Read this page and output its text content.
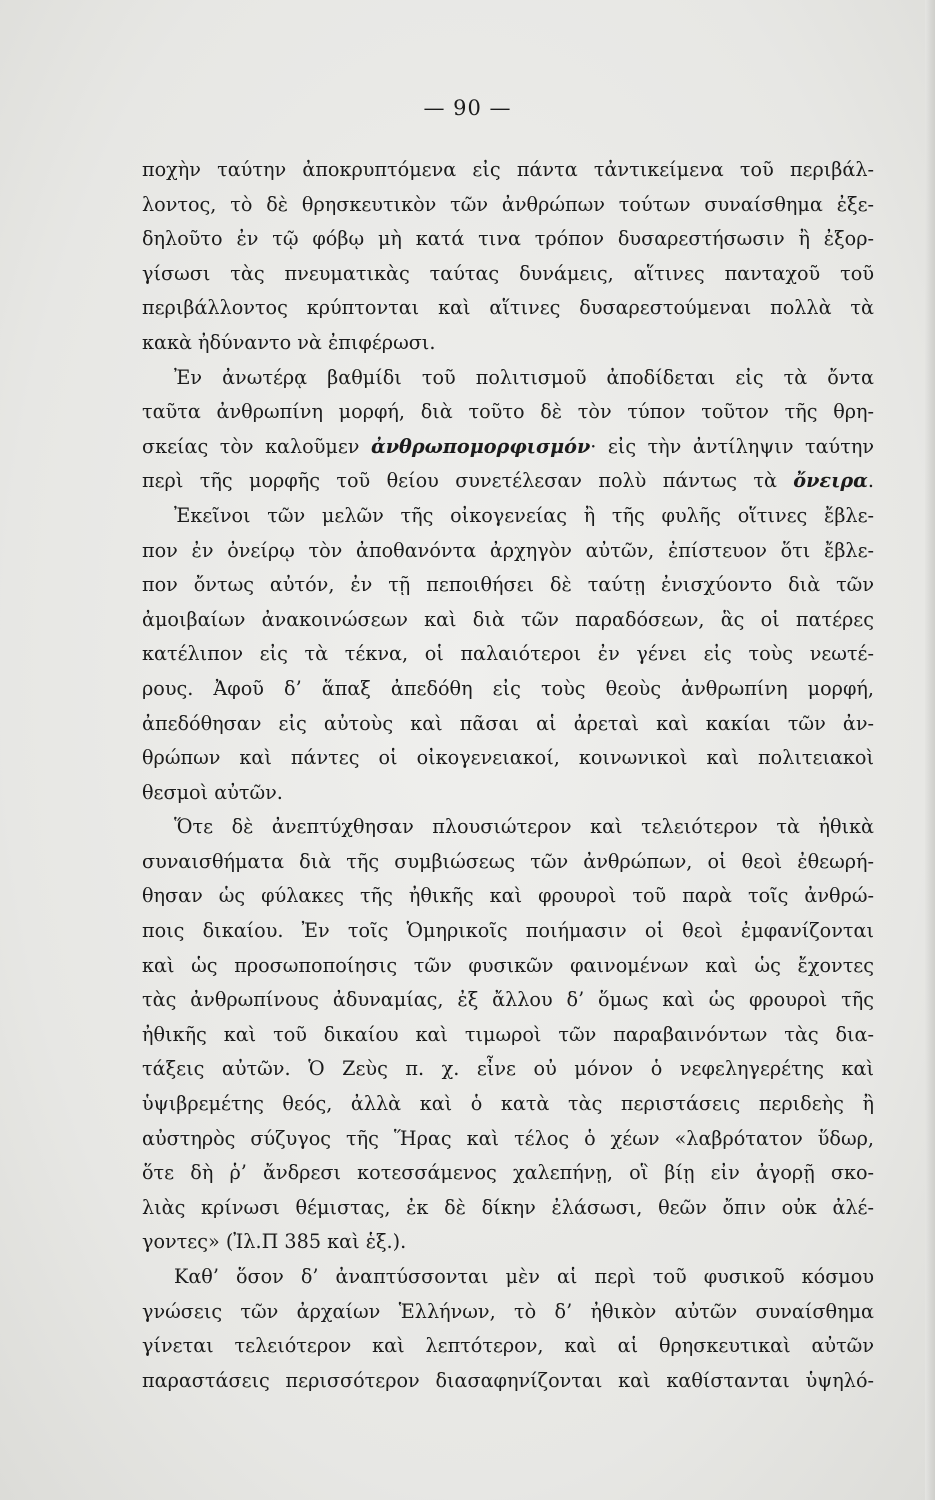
— 90 —
ποχὴν ταύτην ἀποκρυπτόμενα εἰς πάντα τἀντικείμενα τοῦ περιβάλ-
λοντος, τὸ δὲ θρησκευτικὸν τῶν ἀνθρώπων τούτων συναίσθημα ἐξε-
δηλοῦτο ἐν τῷ φόβῳ μὴ κατά τινα τρόπον δυσαρεστήσωσιν ἢ ἐξορ-
γίσωσι τὰς πνευματικὰς ταύτας δυνάμεις, αἵτινες πανταχοῦ τοῦ
περιβάλλοντος κρύπτονται καὶ αἵτινες δυσαρεστούμεναι πολλὰ τὰ
κακὰ ἠδύναντο νὰ ἐπιφέρωσι.
Ἐν ἀνωτέρᾳ βαθμίδι τοῦ πολιτισμοῦ ἀποδίδεται εἰς τὰ ὄντα
ταῦτα ἀνθρωπίνη μορφή, διὰ τοῦτο δὲ τὸν τύπον τοῦτον τῆς θρη-
σκείας τὸν καλοῦμεν ἀνθρωπομορφισμόν· εἰς τὴν ἀντίληψιν ταύτην
περὶ τῆς μορφῆς τοῦ θείου συνετέλεσαν πολὺ πάντως τὰ ὄνειρα.
Ἐκεῖνοι τῶν μελῶν τῆς οἰκογενείας ἢ τῆς φυλῆς οἵτινες ἔβλε-
πον ἐν ὀνείρῳ τὸν ἀποθανόντα ἀρχηγὸν αὐτῶν, ἐπίστευον ὅτι ἔβλε-
πον ὄντως αὐτόν, ἐν τῇ πεποιθήσει δὲ ταύτῃ ἐνισχύοντο διὰ τῶν
ἀμοιβαίων ἀνακοινώσεων καὶ διὰ τῶν παραδόσεων, ἃς οἱ πατέρες
κατέλιπον εἰς τὰ τέκνα, οἱ παλαιότεροι ἐν γένει εἰς τοὺς νεωτέ-
ρους. Ἀφοῦ δ’ ἅπαξ ἀπεδόθη εἰς τοὺς θεοὺς ἀνθρωπίνη μορφή,
ἀπεδόθησαν εἰς αὐτοὺς καὶ πᾶσαι αἱ ἀρεταὶ καὶ κακίαι τῶν ἀν-
θρώπων καὶ πάντες οἱ οἰκογενειακοί, κοινωνικοὶ καὶ πολιτειακοὶ
θεσμοὶ αὐτῶν.
Ὅτε δὲ ἀνεπτύχθησαν πλουσιώτερον καὶ τελειότερον τὰ ἠθικὰ
συναισθήματα διὰ τῆς συμβιώσεως τῶν ἀνθρώπων, οἱ θεοὶ ἐθεωρή-
θησαν ὡς φύλακες τῆς ἠθικῆς καὶ φρουροὶ τοῦ παρὰ τοῖς ἀνθρώ-
ποις δικαίου. Ἐν τοῖς Ὁμηρικοῖς ποιήμασιν οἱ θεοὶ ἐμφανίζονται
καὶ ὡς προσωποποίησις τῶν φυσικῶν φαινομένων καὶ ὡς ἔχοντες
τὰς ἀνθρωπίνους ἀδυναμίας, ἐξ ἄλλου δ’ ὅμως καὶ ὡς φρουροὶ τῆς
ἠθικῆς καὶ τοῦ δικαίου καὶ τιμωροὶ τῶν παραβαινόντων τὰς δια-
τάξεις αὐτῶν. Ὁ Ζεὺς π. χ. εἶνε οὐ μόνον ὁ νεφεληγερέτης καὶ
ὑψιβρεμέτης θεός, ἀλλὰ καὶ ὁ κατὰ τὰς περιστάσεις περιδεὴς ἢ
αὐστηρὸς σύζυγος τῆς Ἥρας καὶ τέλος ὁ χέων «λαβρότατον ὕδωρ,
ὅτε δὴ ῥ’ ἄνδρεσι κοτεσσάμενος χαλεπήνῃ, οἳ βίῃ εἰν ἀγορῇ σκο-
λιὰς κρίνωσι θέμιστας, ἐκ δὲ δίκην ἐλάσωσι, θεῶν ὄπιν οὐκ ἀλέ-
γοντες» (Ἰλ.Π 385 καὶ ἑξ.).
Καθ’ ὅσον δ’ ἀναπτύσσονται μὲν αἱ περὶ τοῦ φυσικοῦ κόσμου
γνώσεις τῶν ἀρχαίων Ἑλλήνων, τὸ δ’ ἠθικὸν αὐτῶν συναίσθημα
γίνεται τελειότερον καὶ λεπτότερον, καὶ αἱ θρησκευτικαὶ αὐτῶν
παραστάσεις περισσότερον διασαφηνίζονται καὶ καθίστανται ὑψηλό-
